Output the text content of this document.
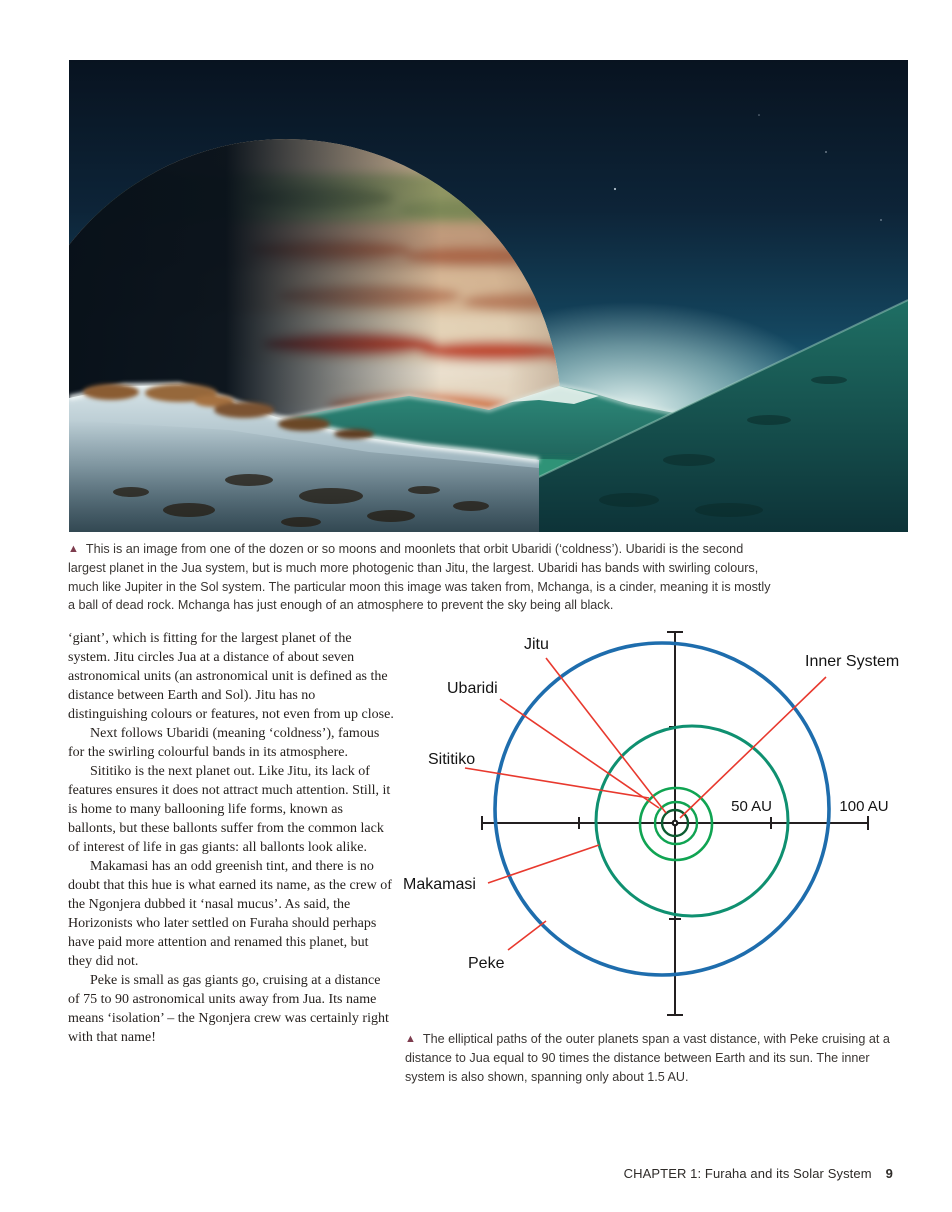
▲ This is an image from one of the dozen or so moons and moonlets that orbit Ubaridi (‘coldness’). Ubaridi is the second largest planet in the Jua system, but is much more photogenic than Jitu, the largest. Ubaridi has bands with swirling colours, much like Jupiter in the Sol system. The particular moon this image was taken from, Mchanga, is a cinder, meaning it is mostly a ball of dead rock. Mchanga has just enough of an atmosphere to prevent the sky being all black.

‘giant’, which is fitting for the largest planet of the system. Jitu circles Jua at a distance of about seven astronomical units (an astronomical unit is defined as the distance between Earth and Sol). Jitu has no distinguishing colours or features, not even from up close.

Next follows Ubaridi (meaning ‘coldness’), famous for the swirling colourful bands in its atmosphere.

Sititiko is the next planet out. Like Jitu, its lack of features ensures it does not attract much attention. Still, it is home to many ballooning life forms, known as ballonts, but these ballonts suffer from the common lack of interest of life in gas giants: all ballonts look alike.

Makamasi has an odd greenish tint, and there is no doubt that this hue is what earned its name, as the crew of the Ngonjera dubbed it ‘nasal mucus’. As said, the Horizonists who later settled on Furaha should perhaps have paid more attention and renamed this planet, but they did not.

Peke is small as gas giants go, cruising at a distance of 75 to 90 astronomical units away from Jua. Its name means ‘isolation’ – the Ngonjera crew was certainly right with that name!

Jitu
Ubaridi
Sititiko
Inner System
Makamasi
Peke
50 AU	100 AU
▲ The elliptical paths of the outer planets span a vast distance, with Peke cruising at a distance to Jua equal to 90 times the distance between Earth and its sun. The inner system is also shown, spanning only about 1.5 AU.
CHAPTER 1: Furaha and its Solar System 9
